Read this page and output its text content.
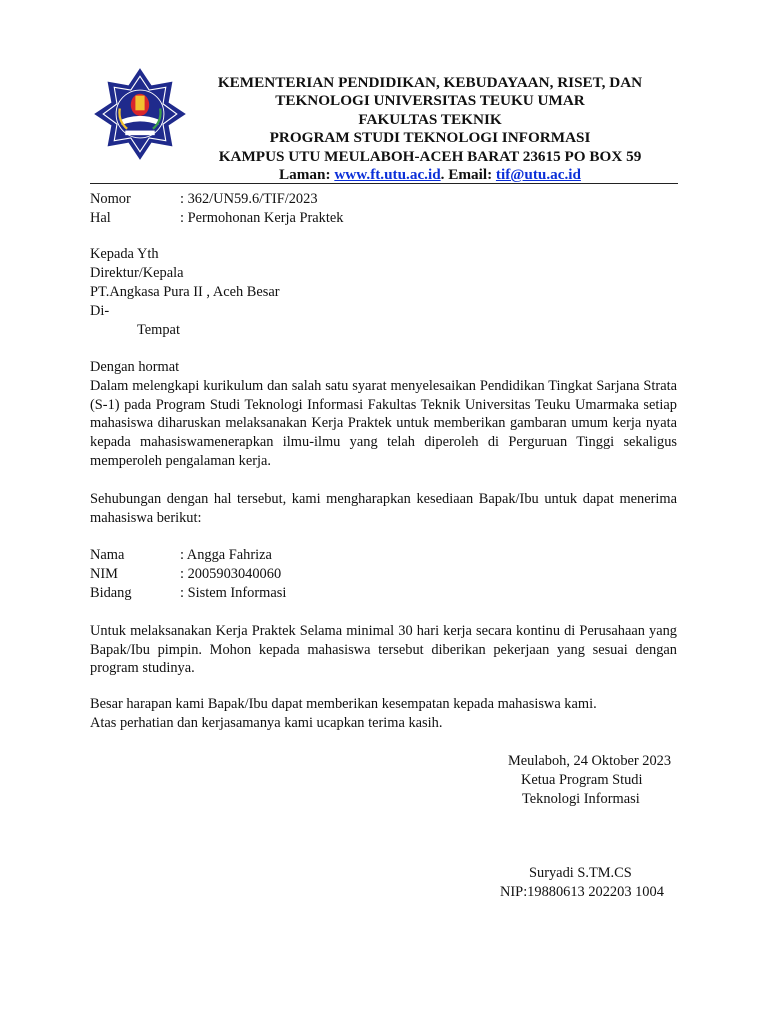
KEMENTERIAN PENDIDIKAN, KEBUDAYAAN, RISET, DAN
TEKNOLOGI UNIVERSITAS TEUKU UMAR
FAKULTAS TEKNIK
PROGRAM STUDI TEKNOLOGI INFORMASI
KAMPUS UTU MEULABOH-ACEH BARAT 23615 PO BOX 59
Laman: www.ft.utu.ac.id. Email: tif@utu.ac.id
Nomor	: 362/UN59.6/TIF/2023
Hal	: Permohonan Kerja Praktek
Kepada Yth
Direktur/Kepala
PT.Angkasa Pura II , Aceh Besar
Di-
Tempat
Dengan hormat
Dalam melengkapi kurikulum dan salah satu syarat menyelesaikan Pendidikan Tingkat Sarjana Strata (S-1) pada Program Studi Teknologi Informasi Fakultas Teknik Universitas Teuku Umarmaka setiap mahasiswa diharuskan melaksanakan Kerja Praktek untuk memberikan gambaran umum kerja nyata kepada mahasiswamenerapkan ilmu-ilmu yang telah diperoleh di Perguruan Tinggi sekaligus memperoleh pengalaman kerja.
Sehubungan dengan hal tersebut, kami mengharapkan kesediaan Bapak/Ibu untuk dapat menerima mahasiswa berikut:
Nama	: Angga Fahriza
NIM	: 2005903040060
Bidang	: Sistem Informasi
Untuk melaksanakan Kerja Praktek Selama minimal 30 hari kerja secara kontinu di Perusahaan yang Bapak/Ibu pimpin. Mohon kepada mahasiswa tersebut diberikan pekerjaan yang sesuai dengan program studinya.
Besar harapan kami Bapak/Ibu dapat memberikan kesempatan kepada mahasiswa kami.
Atas perhatian dan kerjasamanya kami ucapkan terima kasih.
Meulaboh, 24 Oktober 2023
Ketua Program Studi
Teknologi Informasi
Suryadi S.TM.CS
NIP:19880613 202203 1004
